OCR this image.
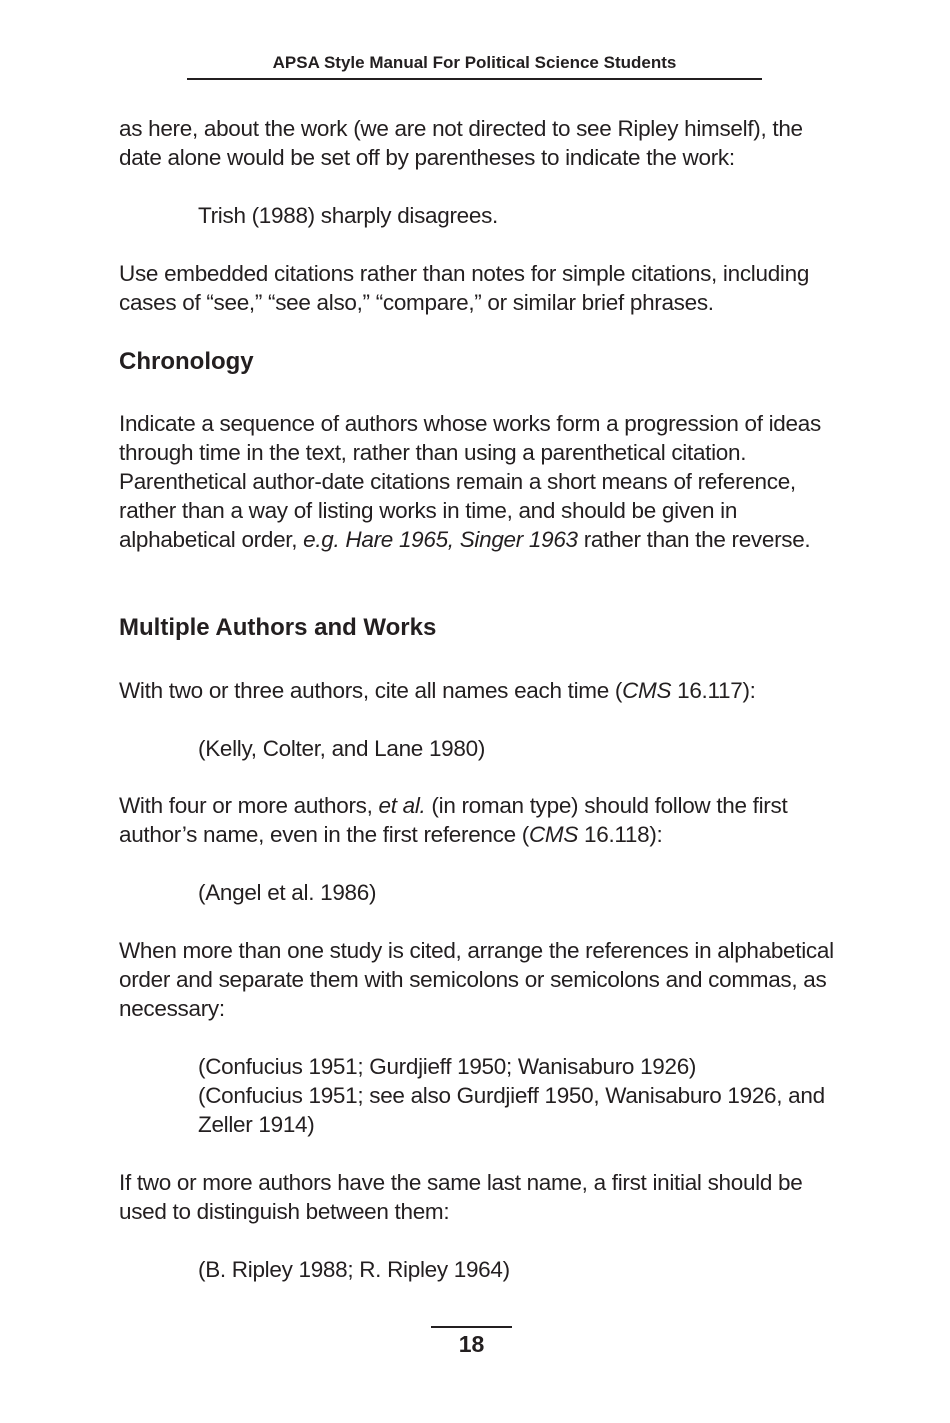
APSA Style Manual For Political Science Students

as here, about the work (we are not directed to see Ripley himself), the date alone would be set off by parentheses to indicate the work:

Trish (1988) sharply disagrees.

Use embedded citations rather than notes for simple citations, including cases of “see,” “see also,” “compare,” or similar brief phrases.

Chronology

Indicate a sequence of authors whose works form a progression of ideas through time in the text, rather than using a parenthetical citation. Parenthetical author-date citations remain a short means of reference, rather than a way of listing works in time, and should be given in alphabetical order, e.g. Hare 1965, Singer 1963 rather than the reverse.

Multiple Authors and Works

With two or three authors, cite all names each time (CMS 16.117):

(Kelly, Colter, and Lane 1980)

With four or more authors, et al. (in roman type) should follow the first author’s name, even in the first reference (CMS 16.118):

(Angel et al. 1986)

When more than one study is cited, arrange the references in alphabetical order and separate them with semicolons or semicolons and commas, as necessary:

(Confucius 1951; Gurdjieff 1950; Wanisaburo 1926)

(Confucius 1951; see also Gurdjieff 1950, Wanisaburo 1926, and Zeller 1914)

If two or more authors have the same last name, a first initial should be used to distinguish between them:

(B. Ripley 1988; R. Ripley 1964)

18
